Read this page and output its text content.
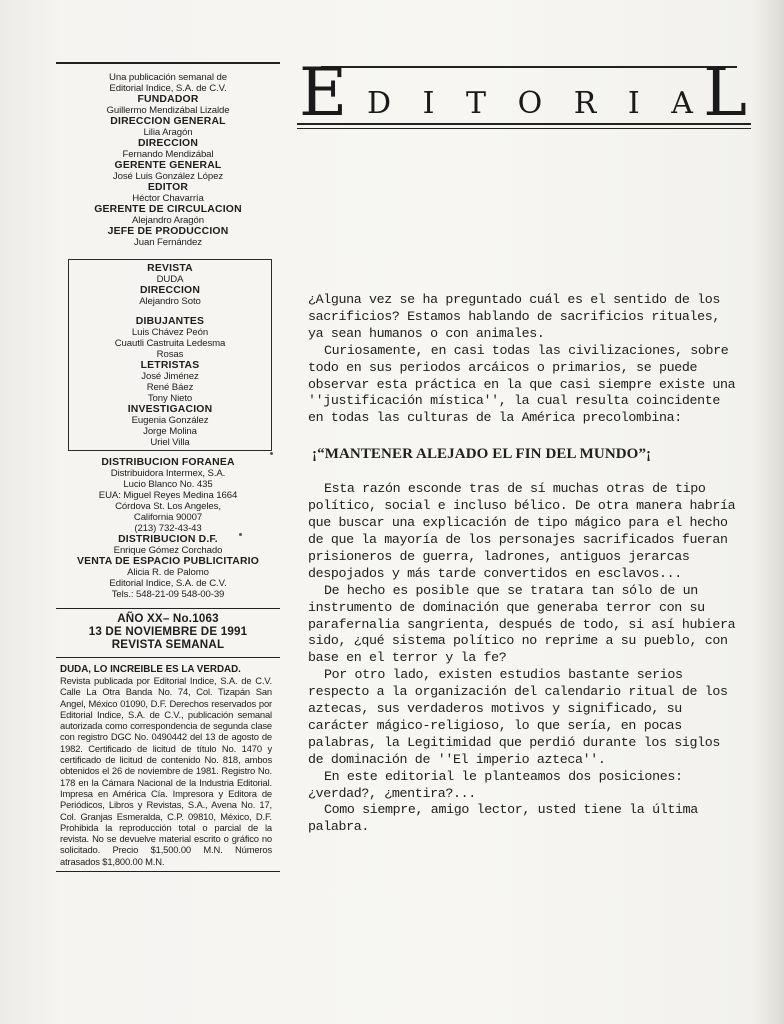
Una publicación semanal de
Editorial Indice, S.A. de C.V.
FUNDADOR
Guillermo Mendizábal Lizalde
DIRECCION GENERAL
Lilia Aragón
DIRECCION
Fernando Mendizábal
GERENTE GENERAL
José Luis González López
EDITOR
Héctor Chavarría
GERENTE DE CIRCULACION
Alejandro Aragón
JEFE DE PRODUCCION
Juan Fernández
REVISTA
DUDA
DIRECCION
Alejandro Soto
DIBUJANTES
Luis Chávez Peón
Cuautli Castruita Ledesma
Rosas
LETRISTAS
José Jiménez
René Báez
Tony Nieto
INVESTIGACION
Eugenia González
Jorge Molina
Uriel Villa
DISTRIBUCION FORANEA
Distribuidora Intermex, S.A.
Lucio Blanco No. 435
EUA: Miguel Reyes Medina 1664
Córdova St. Los Angeles,
California 90007
(213) 732-43-43
DISTRIBUCION D.F.
Enrique Gómez Corchado
VENTA DE ESPACIO PUBLICITARIO
Alicia R. de Palomo
Editorial Indice, S.A. de C.V.
Tels.: 548-21-09 548-00-39
AÑO XX– No.1063
13 DE NOVIEMBRE DE 1991
REVISTA SEMANAL
DUDA, LO INCREIBLE ES LA VERDAD.
Revista publicada por Editorial Indice, S.A. de C.V. Calle La Otra Banda No. 74, Col. Tizapán San Angel, México 01090, D.F. Derechos reservados por Editorial Indice, S.A. de C.V., publicación semanal autorizada como correspondencia de segunda clase con registro DGC No. 0490442 del 13 de agosto de 1982. Certificado de licitud de título No. 1470 y certificado de licitud de contenido No. 818, ambos obtenidos el 26 de noviembre de 1981. Registro No. 178 en la Cámara Nacional de la Industria Editorial. Impresa en América Cía. Impresora y Editora de Periódicos, Libros y Revistas, S.A., Avena No. 17, Col. Granjas Esmeralda, C.P. 09810, México, D.F. Prohibida la reproducción total o parcial de la revista. No se devuelve material escrito o gráfico no solicitado. Precio $1,500.00 M.N. Números atrasados $1,800.00 M.N.
E D I T O R I A L

¿Alguna vez se ha preguntado cuál es el sentido de los sacrificios? Estamos hablando de sacrificios rituales, ya sean humanos o con animales.

Curiosamente, en casi todas las civilizaciones, sobre todo en sus periodos arcáicos o primarios, se puede observar esta práctica en la que casi siempre existe una ''justificación mística'', la cual resulta coincidente en todas las culturas de la América precolombina:

¡“MANTENER ALEJADO EL FIN DEL MUNDO”¡

Esta razón esconde tras de sí muchas otras de tipo político, social e incluso bélico. De otra manera habría que buscar una explicación de tipo mágico para el hecho de que la mayoría de los personajes sacrificados fueran prisioneros de guerra, ladrones, antiguos jerarcas despojados y más tarde convertidos en esclavos...

De hecho es posible que se tratara tan sólo de un instrumento de dominación que generaba terror con su parafernalia sangrienta, después de todo, si así hubiera sido, ¿qué sistema político no reprime a su pueblo, con base en el terror y la fe?

Por otro lado, existen estudios bastante serios respecto a la organización del calendario ritual de los aztecas, sus verdaderos motivos y significado, su carácter mágico-religioso, lo que sería, en pocas palabras, la Legitimidad que perdió durante los siglos de dominación de ''El imperio azteca''.

En este editorial le planteamos dos posiciones: ¿verdad?, ¿mentira?...

Como siempre, amigo lector, usted tiene la última palabra.
